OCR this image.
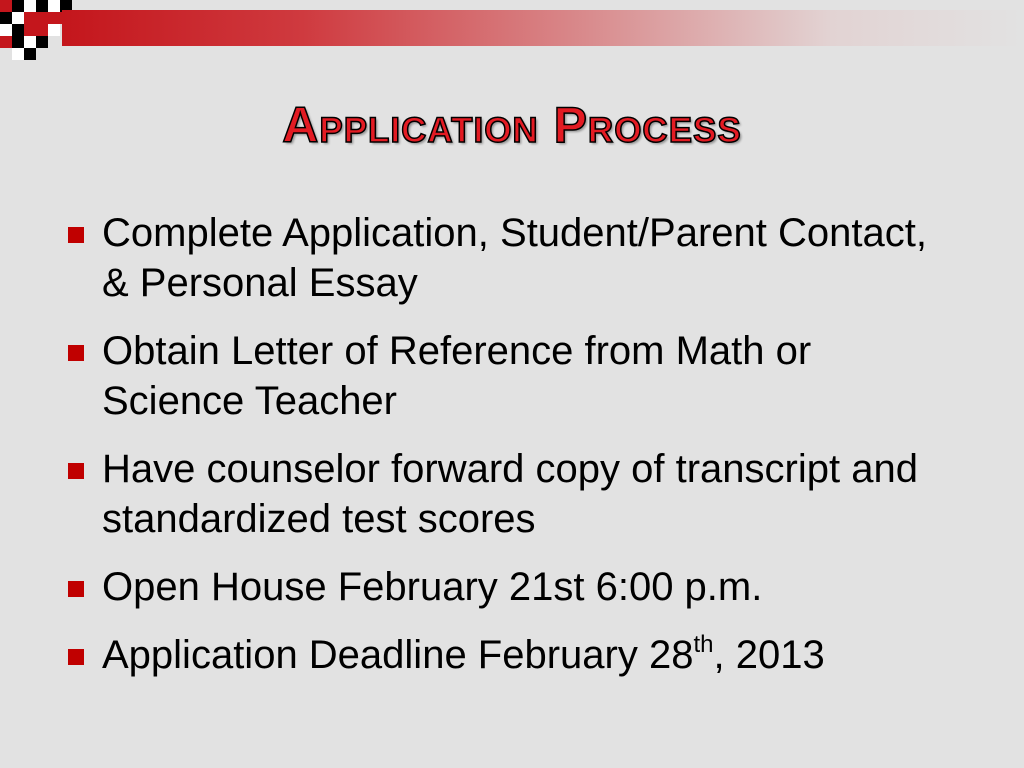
Application Process
Complete Application, Student/Parent Contact, & Personal Essay
Obtain Letter of Reference from Math or Science Teacher
Have counselor forward copy of transcript and standardized test scores
Open House February 21st 6:00 p.m.
Application Deadline February 28th, 2013
